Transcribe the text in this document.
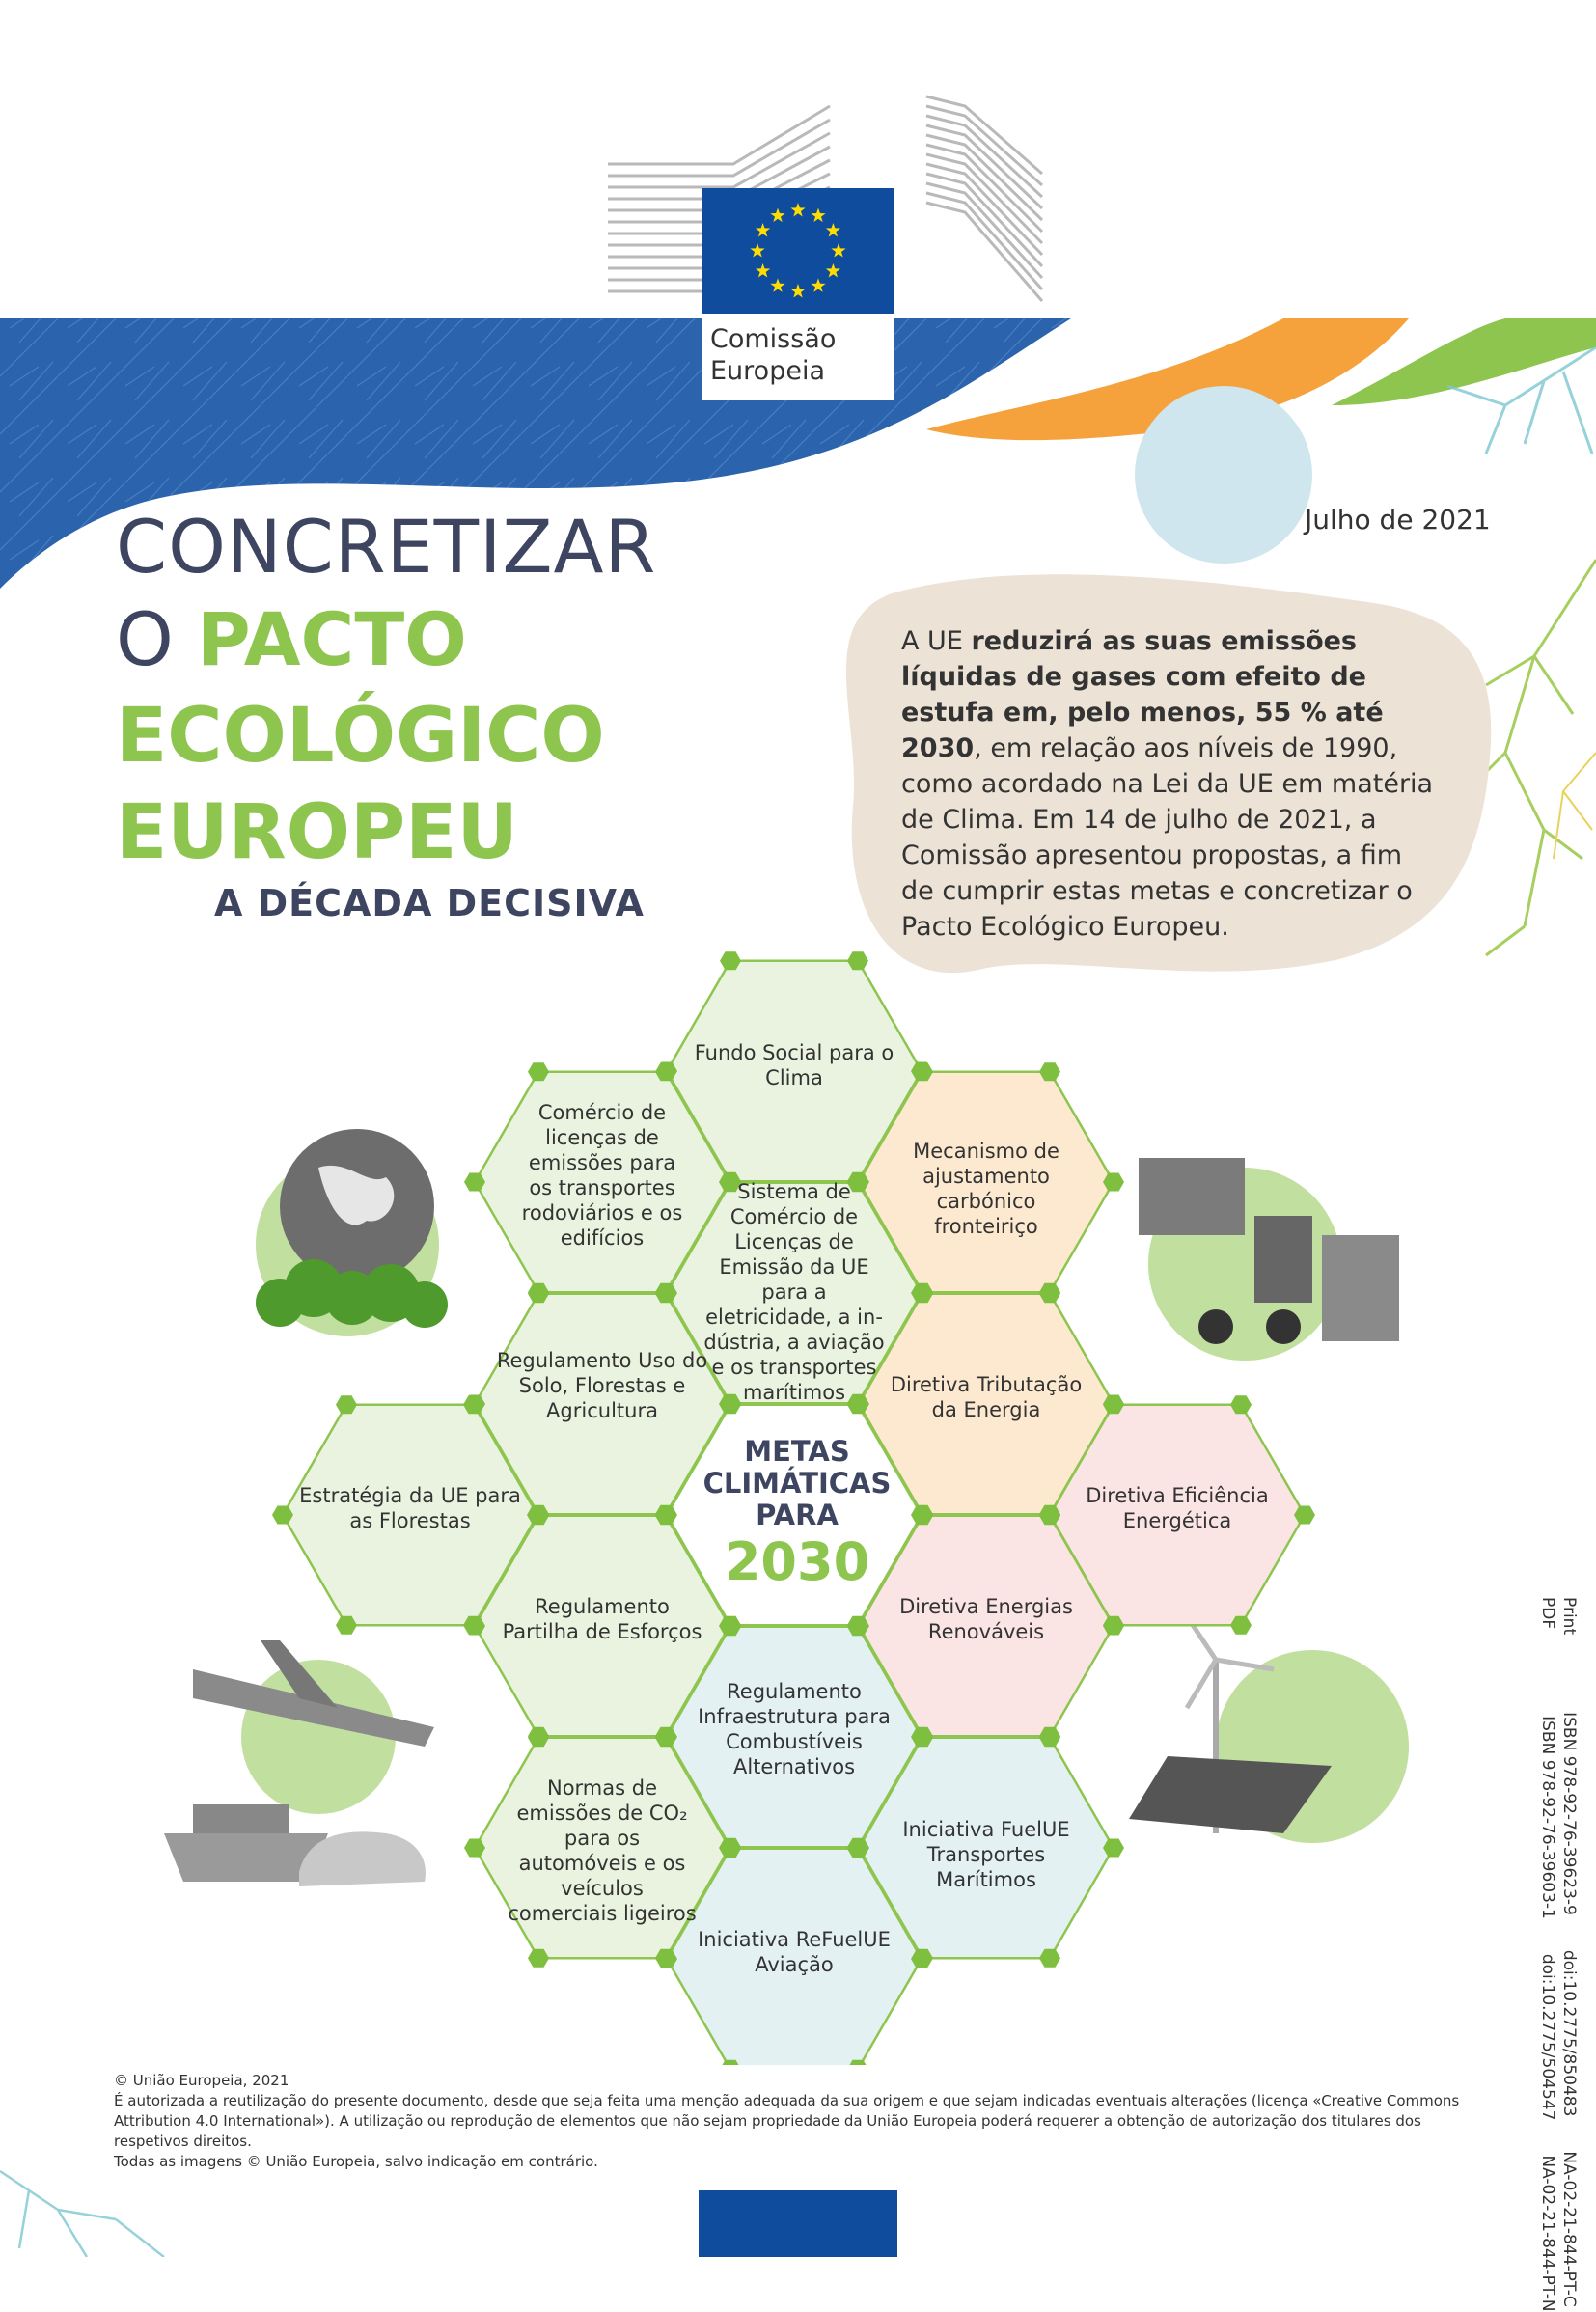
Comissão
Europeia
Julho de 2021
CONCRETIZAR
O PACTO
ECOLÓGICO
EUROPEU
A DÉCADA DECISIVA
A UE reduzirá as suas emissões líquidas de gases com efeito de estufa em, pelo menos, 55 % até 2030, em relação aos níveis de 1990, como acordado na Lei da UE em matéria de Clima. Em 14 de julho de 2021, a Comissão apresentou propostas, a fim de cumprir estas metas e concretizar o Pacto Ecológico Europeu.
Fundo Social para o Clima
Comércio de licenças de emissões para os transportes rodoviários e os edifícios
Mecanismo de ajustamento carbónico fronteiriço
Sistema de Comércio de Licenças de Emissão da UE para a eletricidade, a in-dústria, a aviação e os transportes marítimos
Regulamento Uso do Solo, Florestas e Agricultura
Diretiva Tributação da Energia
Estratégia da UE para as Florestas
Diretiva Eficiência Energética
Regulamento Partilha de Esforços
Diretiva Energias Renováveis
Regulamento Infraestrutura para Combustíveis Alternativos
Normas de emissões de CO₂ para os automóveis e os veículos comerciais ligeiros
Iniciativa FuelUE Transportes Marítimos
Iniciativa ReFuelUE Aviação
METAS
CLIMÁTICAS
PARA
2030
PrintISBN 978-92-76-39623-9doi:10.2775/850483NA-02-21-844-PT-C
PDFISBN 978-92-76-39603-1doi:10.2775/504547NA-02-21-844-PT-N

© União Europeia, 2021

É autorizada a reutilização do presente documento, desde que seja feita uma menção adequada da sua origem e que sejam indicadas eventuais alterações (licença «Creative Commons Attribution 4.0 International»). A utilização ou reprodução de elementos que não sejam propriedade da União Europeia poderá requerer a obtenção de autorização dos titulares dos respetivos direitos.

Todas as imagens © União Europeia, salvo indicação em contrário.
